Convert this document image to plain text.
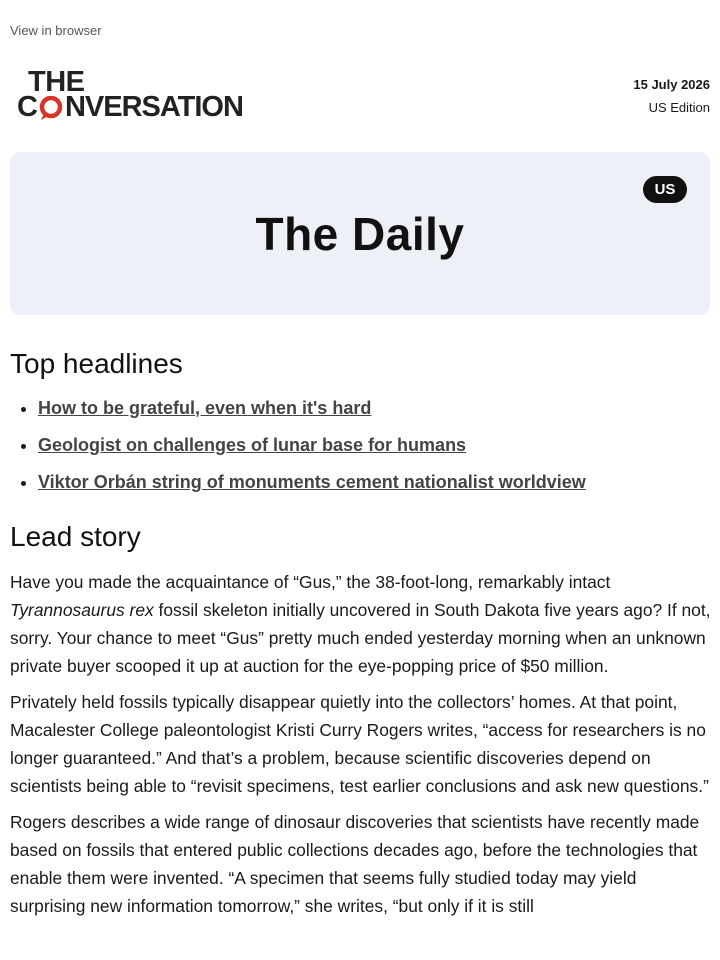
View in browser
THE
C NVERSATION
15 July 2026
US Edition
US
The Daily
Top headlines
• How to be grateful, even when it's hard
• Geologist on challenges of lunar base for humans
• Viktor Orbán string of monuments cement nationalist worldview
Lead story

Have you made the acquaintance of “Gus,” the 38-foot-long, remarkably intact Tyrannosaurus rex fossil skeleton initially uncovered in South Dakota five years ago? If not, sorry. Your chance to meet “Gus” pretty much ended yesterday morning when an unknown private buyer scooped it up at auction for the eye-popping price of $50 million.

Privately held fossils typically disappear quietly into the collectors’ homes. At that point, Macalester College paleontologist Kristi Curry Rogers writes, “access for researchers is no longer guaranteed.” And that’s a problem, because scientific discoveries depend on scientists being able to “revisit specimens, test earlier conclusions and ask new questions.”

Rogers describes a wide range of dinosaur discoveries that scientists have recently made based on fossils that entered public collections decades ago, before the technologies that enable them were invented. “A specimen that seems fully studied today may yield surprising new information tomorrow,” she writes, “but only if it is still
